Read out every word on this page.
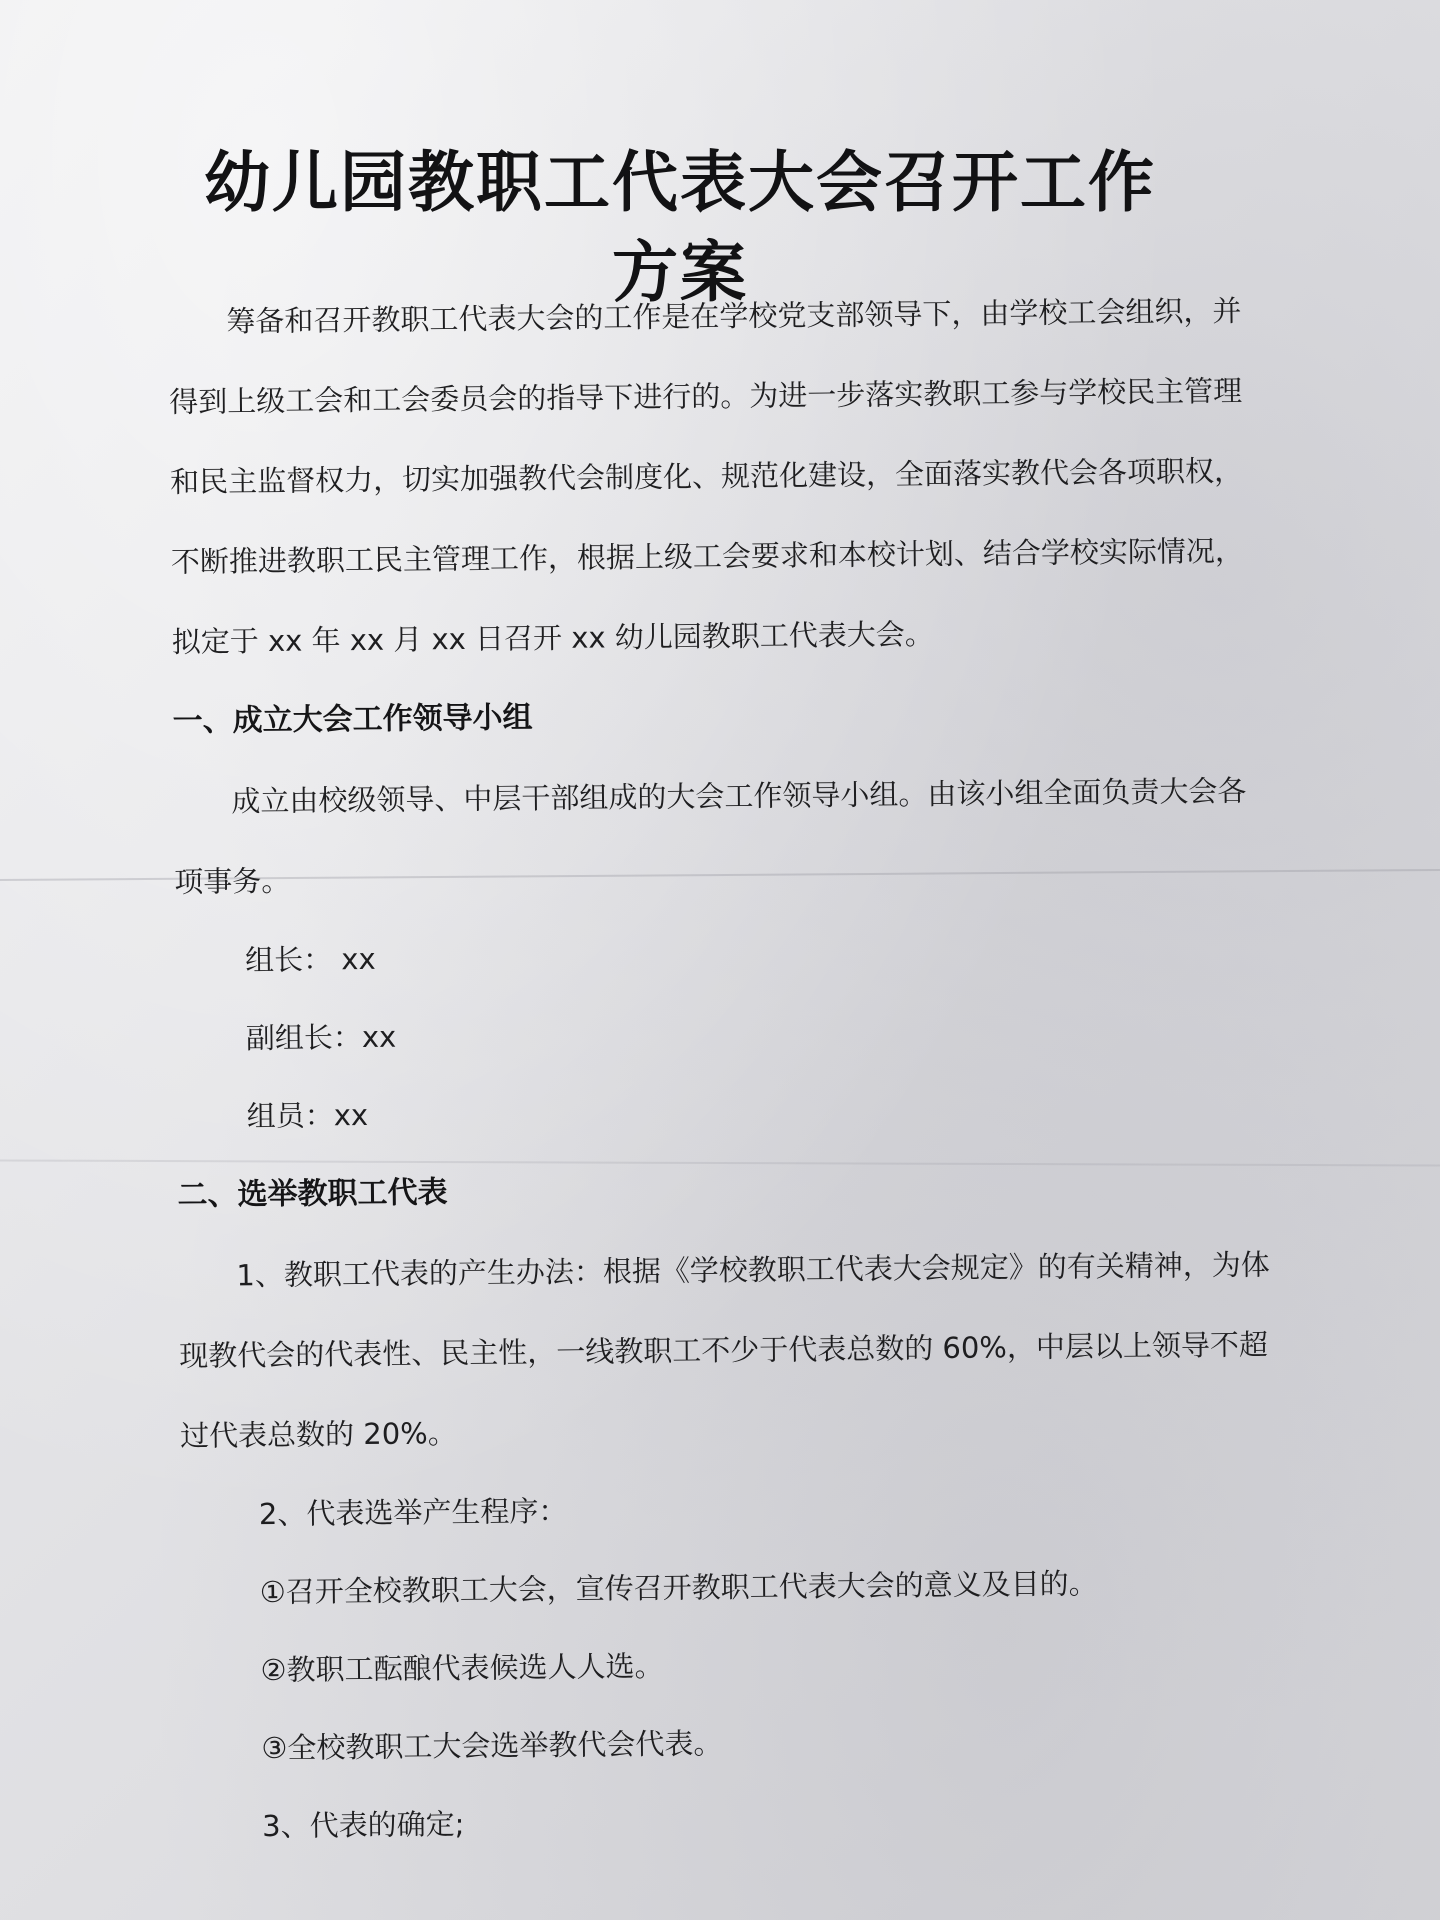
幼儿园教职工代表大会召开工作方案

筹备和召开教职工代表大会的工作是在学校党支部领导下，由学校工会组织，并得到上级工会和工会委员会的指导下进行的。为进一步落实教职工参与学校民主管理和民主监督权力，切实加强教代会制度化、规范化建设，全面落实教代会各项职权，不断推进教职工民主管理工作，根据上级工会要求和本校计划、结合学校实际情况，拟定于 xx 年 xx 月 xx 日召开 xx 幼儿园教职工代表大会。

一、成立大会工作领导小组

成立由校级领导、中层干部组成的大会工作领导小组。由该小组全面负责大会各项事务。

组长： xx

副组长：xx

组员：xx

二、选举教职工代表

1、教职工代表的产生办法：根据《学校教职工代表大会规定》的有关精神，为体现教代会的代表性、民主性，一线教职工不少于代表总数的 60%，中层以上领导不超过代表总数的 20%。

2、代表选举产生程序：

①召开全校教职工大会，宣传召开教职工代表大会的意义及目的。

②教职工酝酿代表候选人人选。

③全校教职工大会选举教代会代表。

3、代表的确定;
